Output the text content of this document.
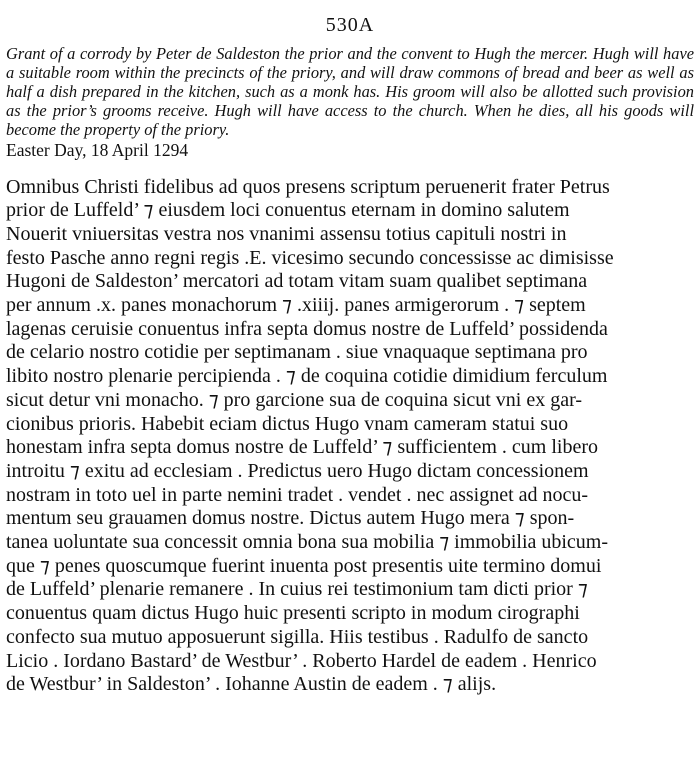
530A

Grant of a corrody by Peter de Saldeston the prior and the convent to Hugh the mercer. Hugh will have a suitable room within the precincts of the priory, and will draw commons of bread and beer as well as half a dish prepared in the kitchen, such as a monk has. His groom will also be allotted such provision as the prior’s grooms receive. Hugh will have access to the church. When he dies, all his goods will become the property of the priory.

Easter Day, 18 April 1294

Omnibus Christi fidelibus ad quos presens scriptum peruenerit frater Petrus

prior de Luffeld’ ⁊ eiusdem loci conuentus eternam in domino salutem

Nouerit vniuersitas vestra nos vnanimi assensu totius capituli nostri in

festo Pasche anno regni regis .E. vicesimo secundo concessisse ac dimisisse

Hugoni de Saldeston’ mercatori ad totam vitam suam qualibet septimana

per annum .x. panes monachorum ⁊ .xiiij. panes armigerorum . ⁊ septem

lagenas ceruisie conuentus infra septa domus nostre de Luffeld’ possidenda

de celario nostro cotidie per septimanam . siue vnaquaque septimana pro

libito nostro plenarie percipienda . ⁊ de coquina cotidie dimidium ferculum

sicut detur vni monacho. ⁊ pro garcione sua de coquina sicut vni ex gar-

cionibus prioris. Habebit eciam dictus Hugo vnam cameram statui suo

honestam infra septa domus nostre de Luffeld’ ⁊ sufficientem . cum libero

introitu ⁊ exitu ad ecclesiam . Predictus uero Hugo dictam concessionem

nostram in toto uel in parte nemini tradet . vendet . nec assignet ad nocu-

mentum seu grauamen domus nostre. Dictus autem Hugo mera ⁊ spon-

tanea uoluntate sua concessit omnia bona sua mobilia ⁊ immobilia ubicum-

que ⁊ penes quoscumque fuerint inuenta post presentis uite termino domui

de Luffeld’ plenarie remanere . In cuius rei testimonium tam dicti prior ⁊

conuentus quam dictus Hugo huic presenti scripto in modum cirographi

confecto sua mutuo apposuerunt sigilla. Hiis testibus . Radulfo de sancto

Licio . Iordano Bastard’ de Westbur’ . Roberto Hardel de eadem . Henrico

de Westbur’ in Saldeston’ . Iohanne Austin de eadem . ⁊ alijs.
